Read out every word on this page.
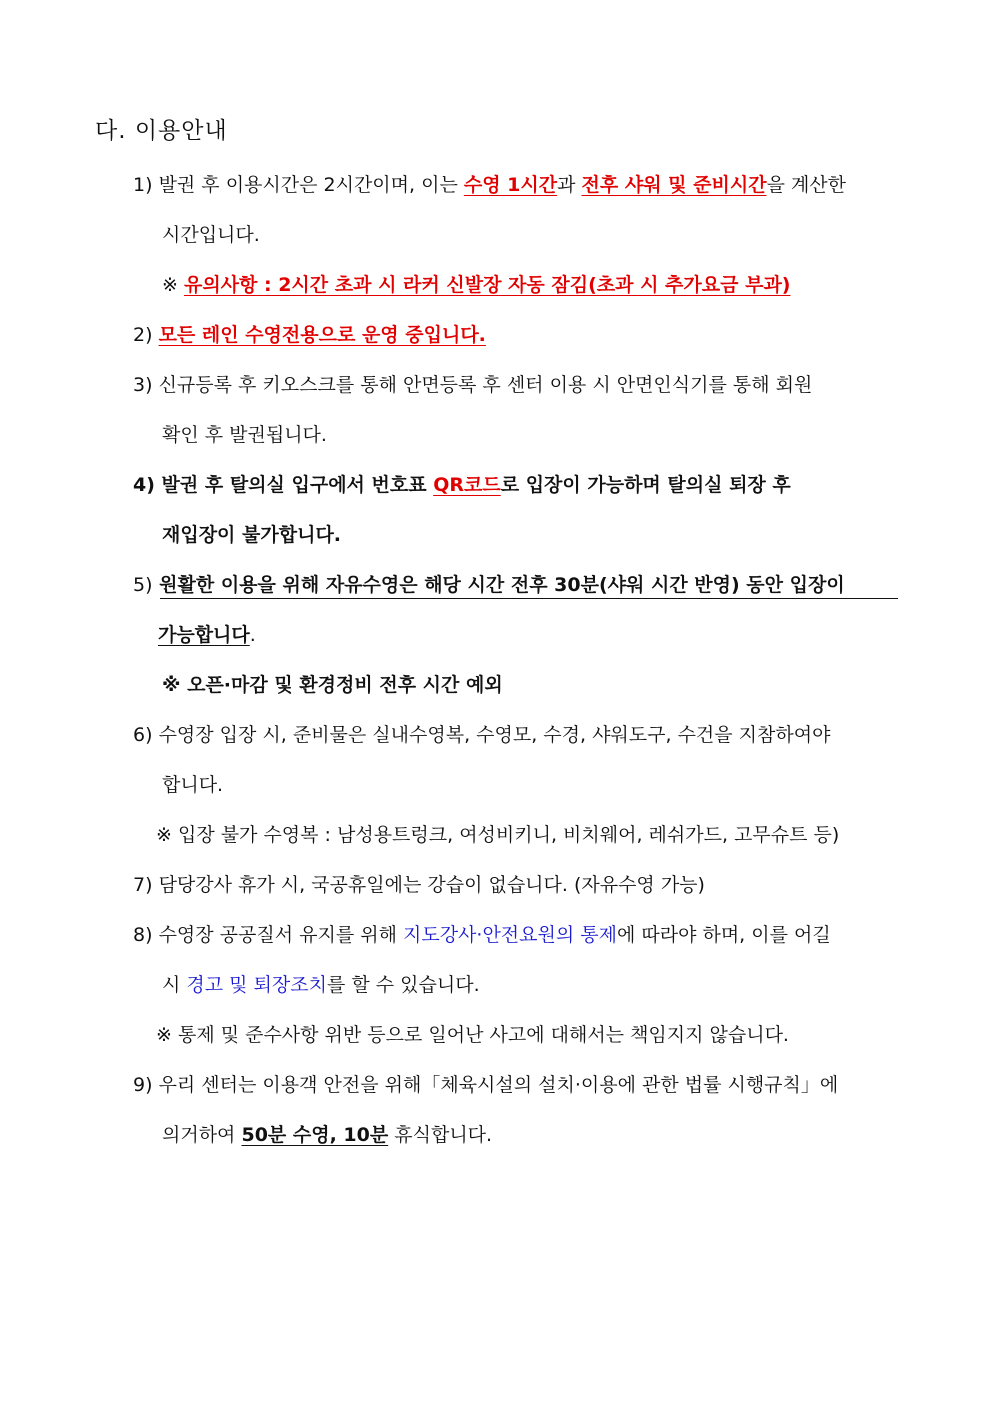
다. 이용안내
1) 발권 후 이용시간은 2시간이며, 이는 수영 1시간과 전후 샤워 및 준비시간을 계산한
시간입니다.
※ 유의사항 : 2시간 초과 시 라커 신발장 자동 잠김(초과 시 추가요금 부과)
2) 모든 레인 수영전용으로 운영 중입니다.
3) 신규등록 후 키오스크를 통해 안면등록 후 센터 이용 시 안면인식기를 통해 회원
확인 후 발권됩니다.
4) 발권 후 탈의실 입구에서 번호표 QR코드로 입장이 가능하며 탈의실 퇴장 후
재입장이 불가합니다.
5) 원활한 이용을 위해 자유수영은 해당 시간 전후 30분(샤워 시간 반영) 동안 입장이
가능합니다.
※ 오픈·마감 및 환경정비 전후 시간 예외
6) 수영장 입장 시, 준비물은 실내수영복, 수영모, 수경, 샤워도구, 수건을 지참하여야
합니다.
※ 입장 불가 수영복 : 남성용트렁크, 여성비키니, 비치웨어, 레쉬가드, 고무슈트 등)
7) 담당강사 휴가 시, 국공휴일에는 강습이 없습니다. (자유수영 가능)
8) 수영장 공공질서 유지를 위해 지도강사·안전요원의 통제에 따라야 하며, 이를 어길
시 경고 및 퇴장조치를 할 수 있습니다.
※ 통제 및 준수사항 위반 등으로 일어난 사고에 대해서는 책임지지 않습니다.
9) 우리 센터는 이용객 안전을 위해「체육시설의 설치·이용에 관한 법률 시행규칙」에
의거하여 50분 수영, 10분 휴식합니다.
